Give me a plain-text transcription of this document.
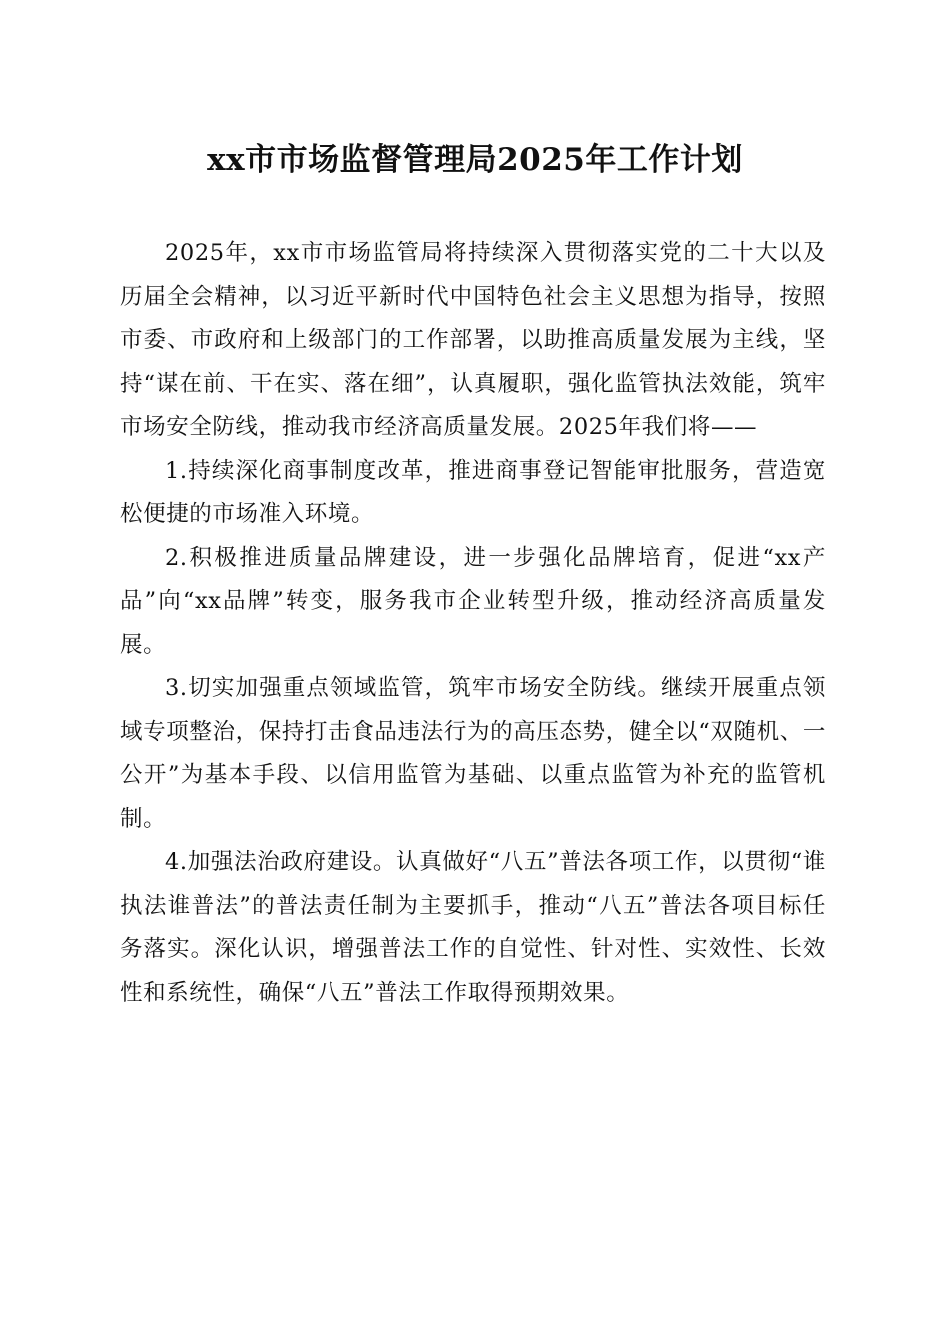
xx市市场监督管理局2025年工作计划

2025年，xx市市场监管局将持续深入贯彻落实党的二十大以及历届全会精神，以习近平新时代中国特色社会主义思想为指导，按照市委、市政府和上级部门的工作部署，以助推高质量发展为主线，坚持“谋在前、干在实、落在细”，认真履职，强化监管执法效能，筑牢市场安全防线，推动我市经济高质量发展。2025年我们将——

1.持续深化商事制度改革，推进商事登记智能审批服务，营造宽松便捷的市场准入环境。

2.积极推进质量品牌建设，进一步强化品牌培育，促进“xx产品”向“xx品牌”转变，服务我市企业转型升级，推动经济高质量发展。

3.切实加强重点领域监管，筑牢市场安全防线。继续开展重点领域专项整治，保持打击食品违法行为的高压态势，健全以“双随机、一公开”为基本手段、以信用监管为基础、以重点监管为补充的监管机制。

4.加强法治政府建设。认真做好“八五”普法各项工作，以贯彻“谁执法谁普法”的普法责任制为主要抓手，推动“八五”普法各项目标任务落实。深化认识，增强普法工作的自觉性、针对性、实效性、长效性和系统性，确保“八五”普法工作取得预期效果。
